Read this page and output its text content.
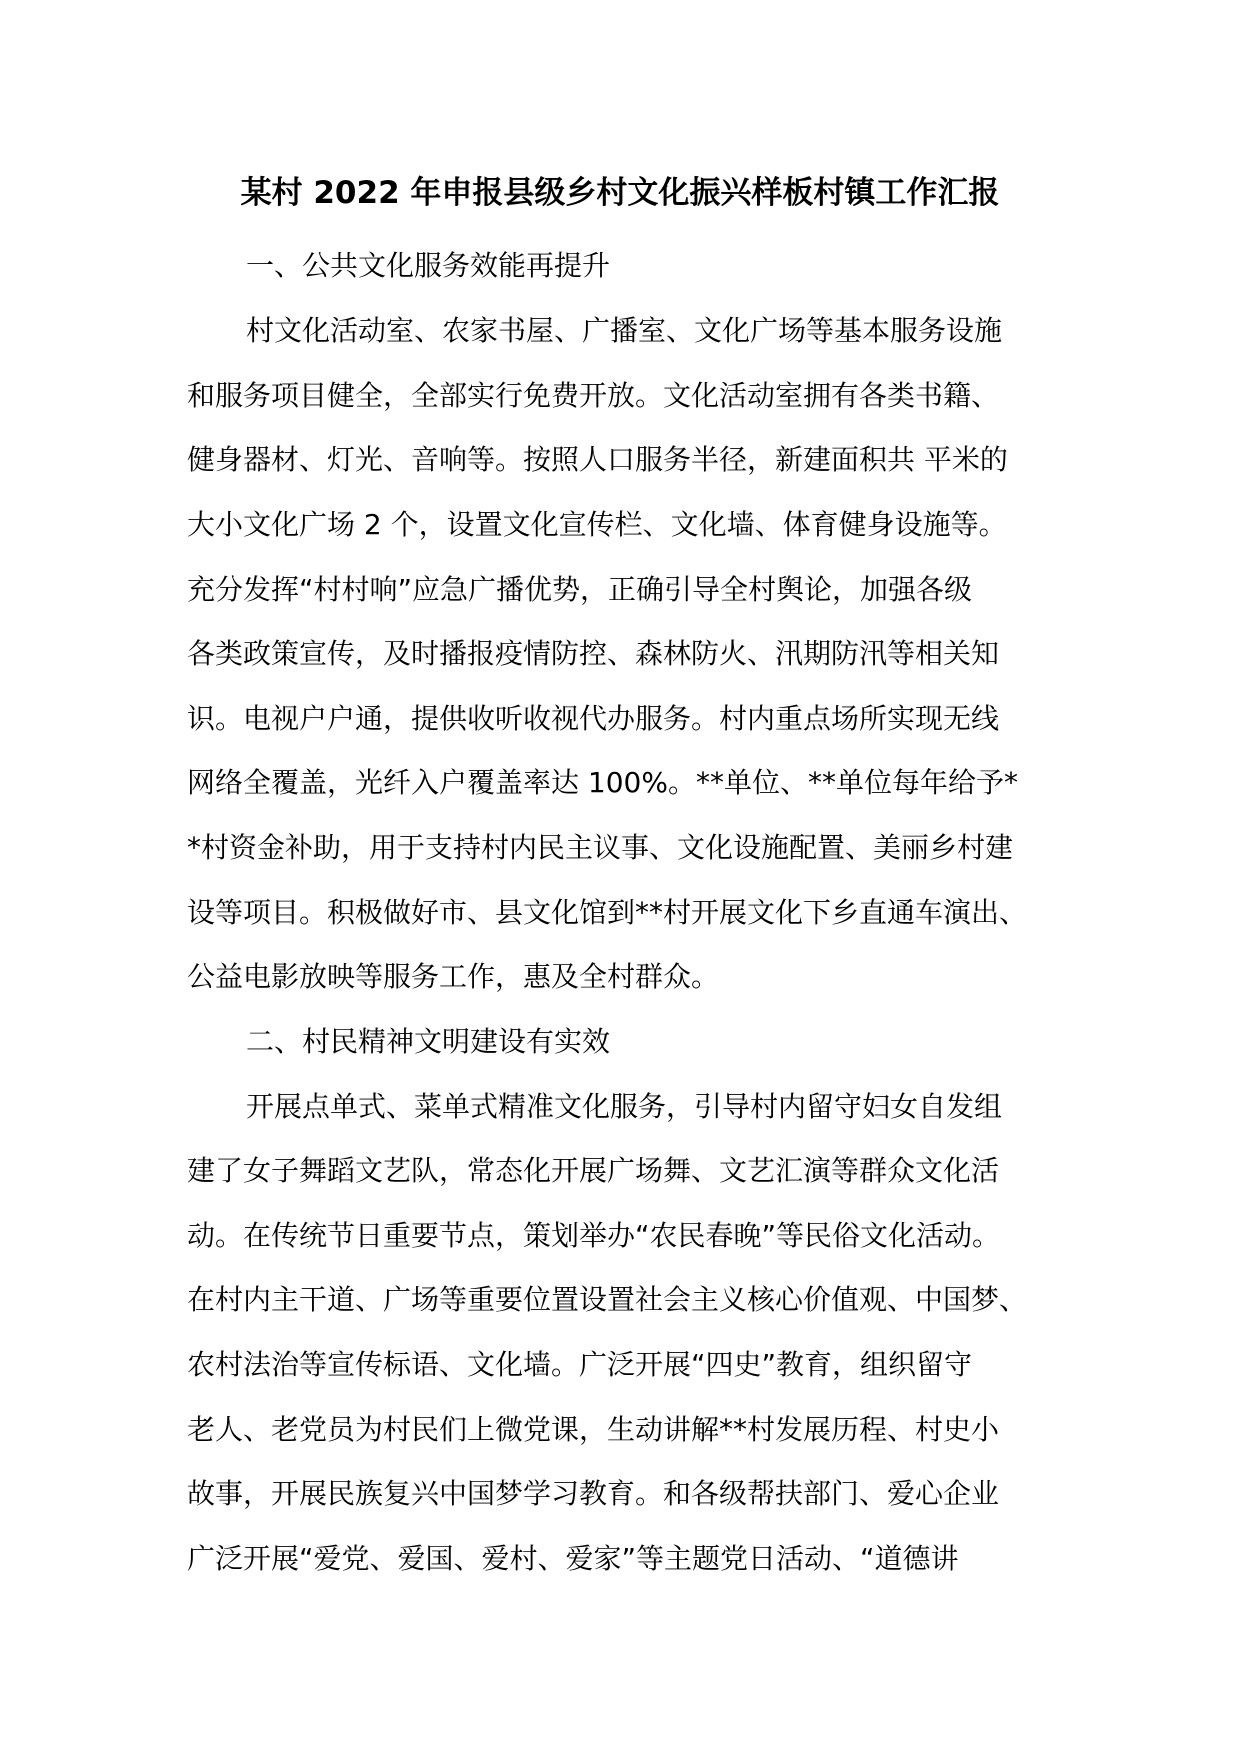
某村 2022 年申报县级乡村文化振兴样板村镇工作汇报
一、公共文化服务效能再提升
村文化活动室、农家书屋、广播室、文化广场等基本服务设施
和服务项目健全，全部实行免费开放。文化活动室拥有各类书籍、
健身器材、灯光、音响等。按照人口服务半径，新建面积共 平米的
大小文化广场 2 个，设置文化宣传栏、文化墙、体育健身设施等。
充分发挥“村村响”应急广播优势，正确引导全村舆论，加强各级
各类政策宣传，及时播报疫情防控、森林防火、汛期防汛等相关知
识。电视户户通，提供收听收视代办服务。村内重点场所实现无线
网络全覆盖，光纤入户覆盖率达 100%。**单位、**单位每年给予*
*村资金补助，用于支持村内民主议事、文化设施配置、美丽乡村建
设等项目。积极做好市、县文化馆到**村开展文化下乡直通车演出、
公益电影放映等服务工作，惠及全村群众。
二、村民精神文明建设有实效
开展点单式、菜单式精准文化服务，引导村内留守妇女自发组
建了女子舞蹈文艺队，常态化开展广场舞、文艺汇演等群众文化活
动。在传统节日重要节点，策划举办“农民春晚”等民俗文化活动。
在村内主干道、广场等重要位置设置社会主义核心价值观、中国梦、
农村法治等宣传标语、文化墙。广泛开展“四史”教育，组织留守
老人、老党员为村民们上微党课，生动讲解**村发展历程、村史小
故事，开展民族复兴中国梦学习教育。和各级帮扶部门、爱心企业
广泛开展“爱党、爱国、爱村、爱家”等主题党日活动、“道德讲
